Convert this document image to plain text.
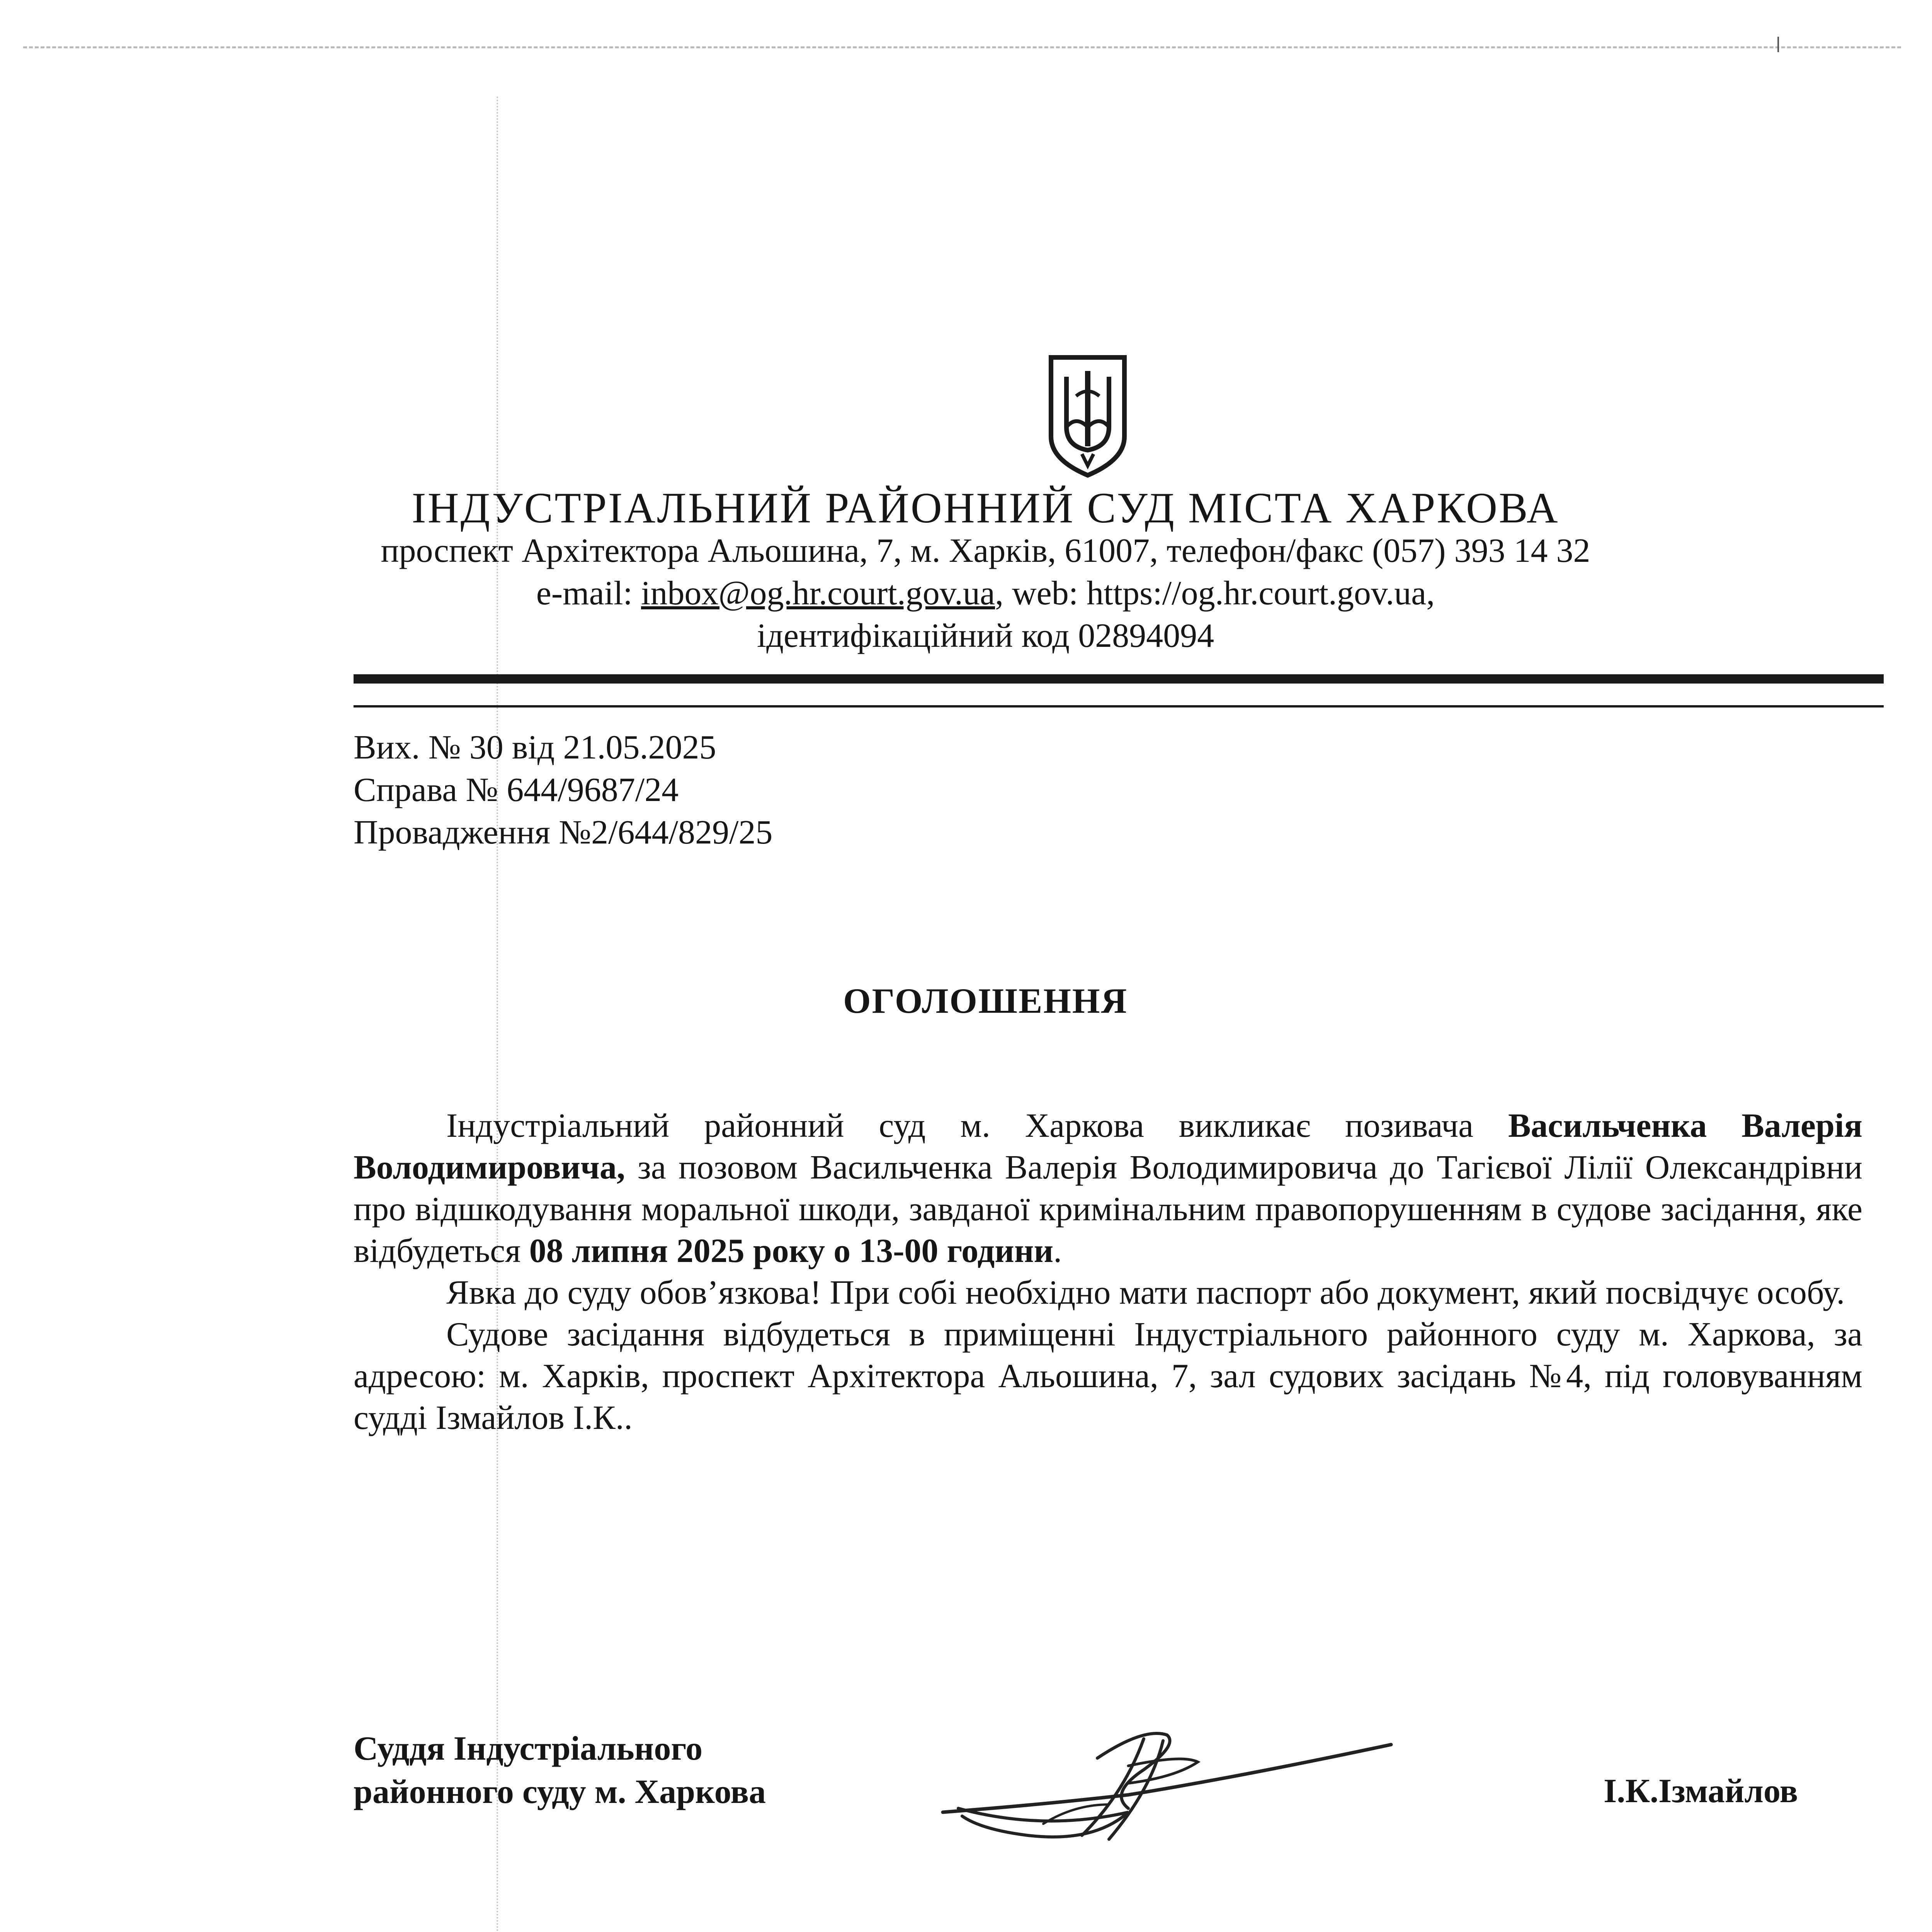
ІНДУСТРІАЛЬНИЙ РАЙОННИЙ СУД МІСТА ХАРКОВА
проспект Архітектора Альошина, 7, м. Харків, 61007, телефон/факс (057) 393 14 32
e-mail: inbox@og.hr.court.gov.ua, web: https://og.hr.court.gov.ua,
ідентифікаційний код 02894094
Вих. № 30 від 21.05.2025
Справа № 644/9687/24
Провадження №2/644/829/25
ОГОЛОШЕННЯ

Індустріальний районний суд м. Харкова викликає позивача Васильченка Валерія Володимировича, за позовом Васильченка Валерія Володимировича до Тагієвої Лілії Олександрівни про відшкодування моральної шкоди, завданої кримінальним правопорушенням в судове засідання, яке відбудеться 08 липня 2025 року о 13-00 години.

Явка до суду обов’язкова! При собі необхідно мати паспорт або документ, який посвідчує особу.

Судове засідання відбудеться в приміщенні Індустріального районного суду м. Харкова, за адресою: м. Харків, проспект Архітектора Альошина, 7, зал судових засідань №4, під головуванням судді Ізмайлов І.К..

Суддя Індустріального
районного суду м. Харкова	І.К.Ізмайлов
